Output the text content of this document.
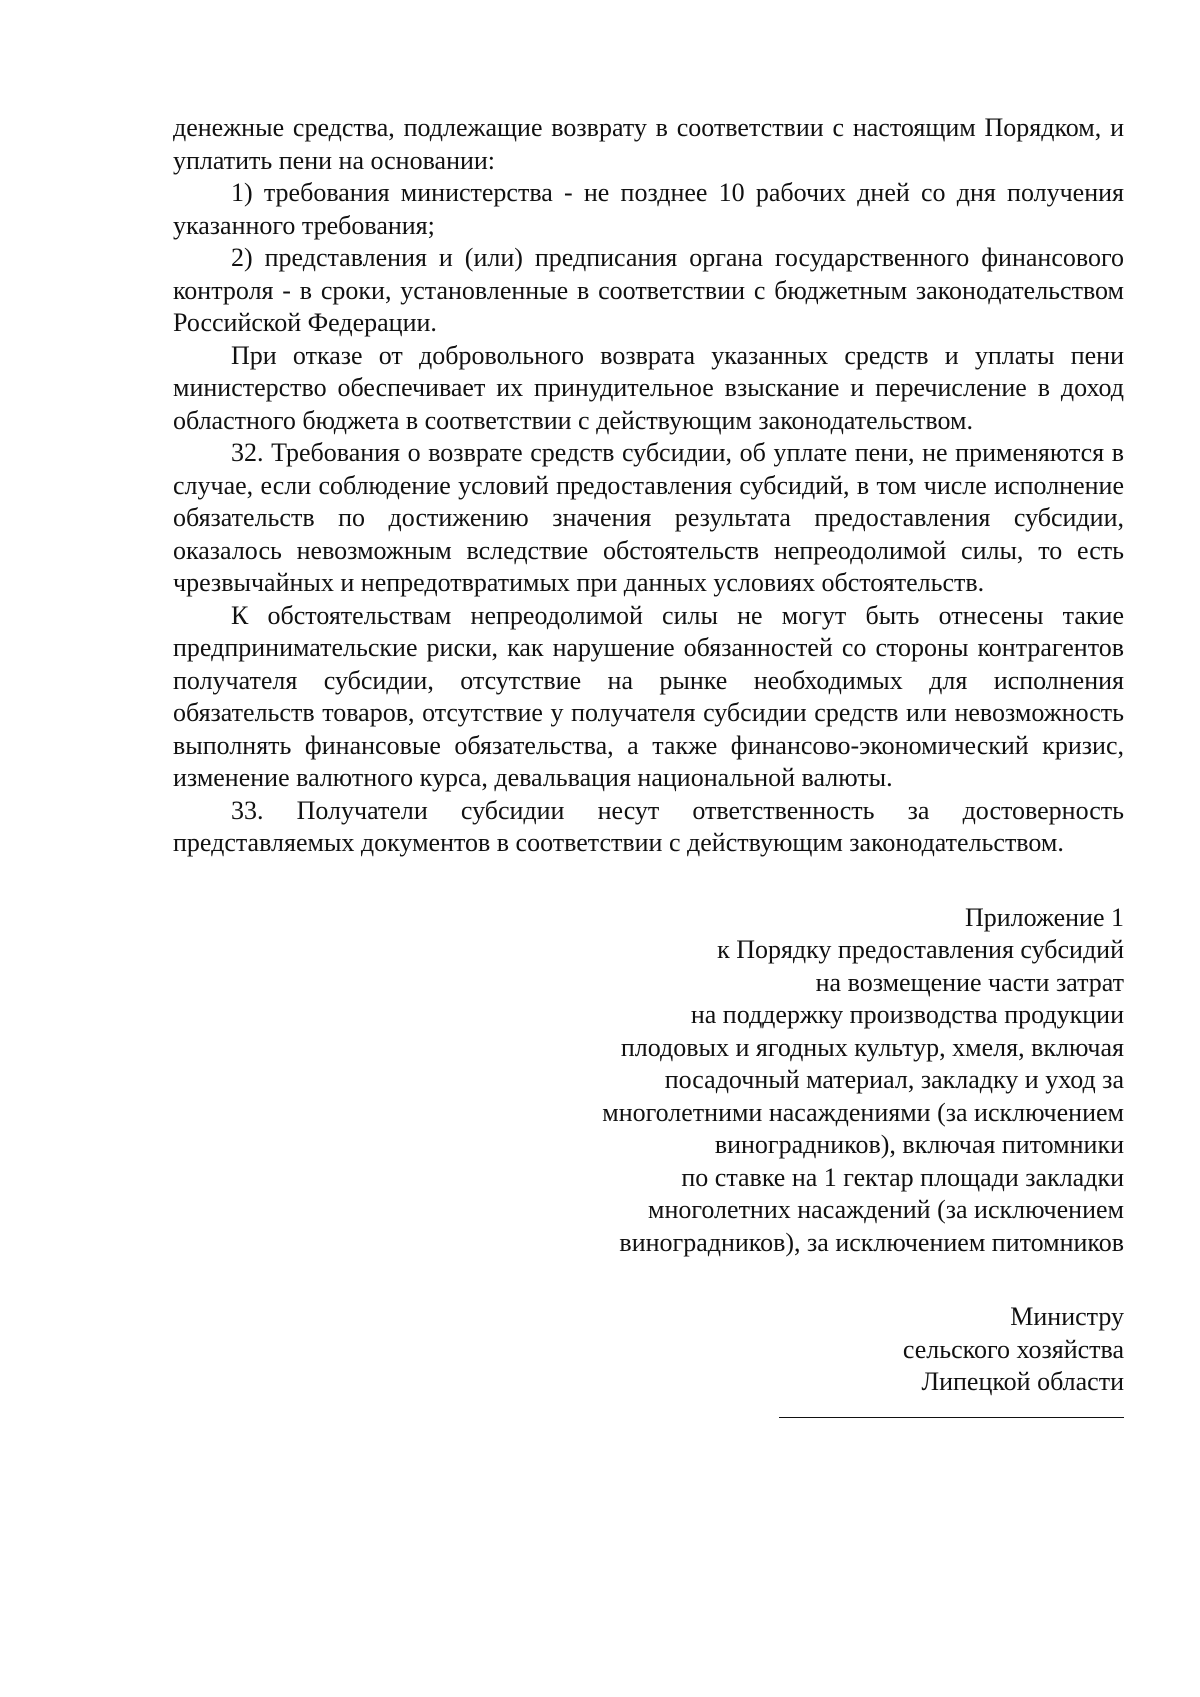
денежные средства, подлежащие возврату в соответствии с настоящим Порядком, и уплатить пени на основании:

1) требования министерства - не позднее 10 рабочих дней со дня получения указанного требования;

2) представления и (или) предписания органа государственного финансового контроля - в сроки, установленные в соответствии с бюджетным законодательством Российской Федерации.

При отказе от добровольного возврата указанных средств и уплаты пени министерство обеспечивает их принудительное взыскание и перечисление в доход областного бюджета в соответствии с действующим законодательством.

32. Требования о возврате средств субсидии, об уплате пени, не применяются в случае, если соблюдение условий предоставления субсидий, в том числе исполнение обязательств по достижению значения результата предоставления субсидии, оказалось невозможным вследствие обстоятельств непреодолимой силы, то есть чрезвычайных и непредотвратимых при данных условиях обстоятельств.

К обстоятельствам непреодолимой силы не могут быть отнесены такие предпринимательские риски, как нарушение обязанностей со стороны контрагентов получателя субсидии, отсутствие на рынке необходимых для исполнения обязательств товаров, отсутствие у получателя субсидии средств или невозможность выполнять финансовые обязательства, а также финансово-экономический кризис, изменение валютного курса, девальвация национальной валюты.

33. Получатели субсидии несут ответственность за достоверность представляемых документов в соответствии с действующим законодательством.

Приложение 1
к Порядку предоставления субсидий
на возмещение части затрат
на поддержку производства продукции
плодовых и ягодных культур, хмеля, включая
посадочный материал, закладку и уход за
многолетними насаждениями (за исключением
виноградников), включая питомники
по ставке на 1 гектар площади закладки
многолетних насаждений (за исключением
виноградников), за исключением питомников
Министру
сельского хозяйства
Липецкой области
